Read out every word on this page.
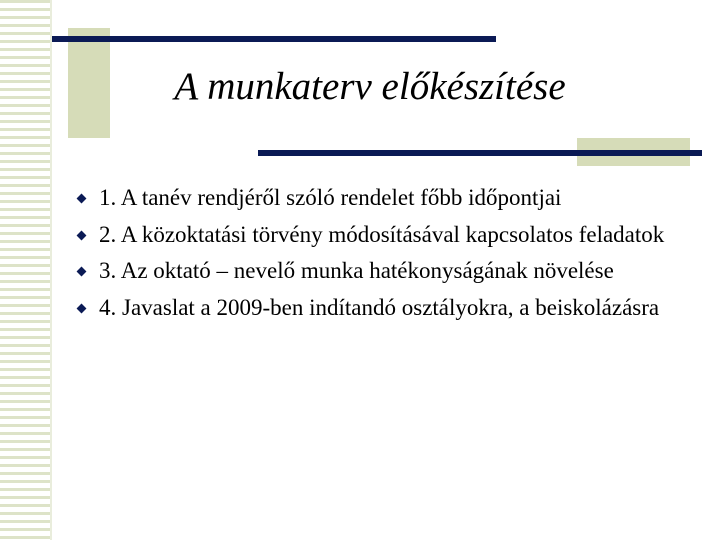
A munkaterv előkészítése
1. A tanév rendjéről szóló rendelet főbb időpontjai
2. A közoktatási törvény módosításával kapcsolatos feladatok
3. Az oktató – nevelő munka hatékonyságának növelése
4. Javaslat a 2009-ben indítandó osztályokra, a beiskolázásra
